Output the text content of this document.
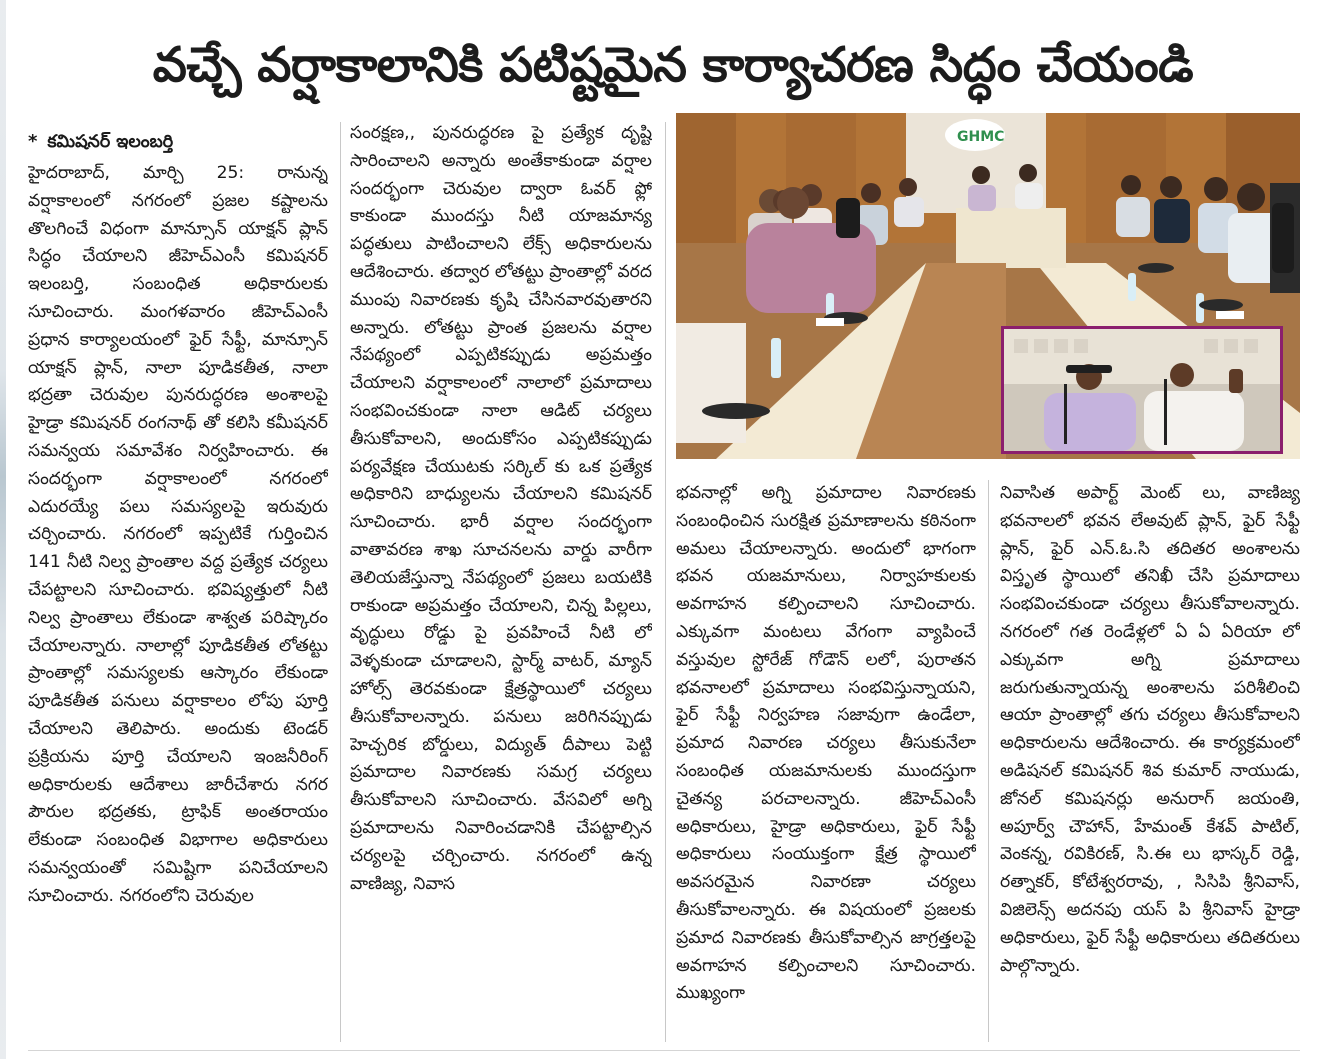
వచ్చే వర్షాకాలానికి పటిష్టమైన కార్యాచరణ సిద్ధం చేయండి
* కమిషనర్ ఇలంబర్తి

హైదరాబాద్, మార్చి 25: రానున్న వర్షాకాలంలో నగరంలో ప్రజల కష్టాలను తొలగించే విధంగా మాన్సూన్ యాక్షన్ ప్లాన్ సిద్ధం చేయాలని జీహెచ్ఎంసీ కమిషనర్ ఇలంబర్తి, సంబంధిత అధికారులకు సూచించారు. మంగళవారం జీహెచ్ఎంసీ ప్రధాన కార్యాలయంలో ఫైర్ సేఫ్టీ, మాన్సూన్ యాక్షన్ ప్లాన్, నాలా పూడికతీత, నాలా భద్రతా చెరువుల పునరుద్ధరణ అంశాలపై హైడ్రా కమిషనర్ రంగనాథ్ తో కలిసి కమీషనర్ సమన్వయ సమావేశం నిర్వహించారు. ఈ సందర్భంగా వర్షాకాలంలో నగరంలో ఎదురయ్యే పలు సమస్యలపై ఇరువురు చర్చించారు. నగరంలో ఇప్పటికే గుర్తించిన 141 నీటి నిల్వ ప్రాంతాల వద్ద ప్రత్యేక చర్యలు చేపట్టాలని సూచించారు. భవిష్యత్తులో నీటి నిల్వ ప్రాంతాలు లేకుండా శాశ్వత పరిష్కారం చేయాలన్నారు. నాలాల్లో పూడికతీత లోతట్టు ప్రాంతాల్లో సమస్యలకు ఆస్కారం లేకుండా పూడికతీత పనులు వర్షాకాలం లోపు పూర్తి చేయాలని తెలిపారు. అందుకు టెండర్ ప్రక్రియను పూర్తి చేయాలని ఇంజనీరింగ్ అధికారులకు ఆదేశాలు జారీచేశారు నగర పౌరుల భద్రతకు, ట్రాఫిక్ అంతరాయం లేకుండా సంబంధిత విభాగాల అధికారులు సమన్వయంతో సమిష్టిగా పనిచేయాలని సూచించారు. నగరంలోని చెరువుల

సంరక్షణ,, పునరుద్ధరణ పై ప్రత్యేక దృష్టి సారించాలని అన్నారు అంతేకాకుండా వర్షాల సందర్భంగా చెరువుల ద్వారా ఓవర్ ఫ్లో కాకుండా ముందస్తు నీటి యాజమాన్య పద్ధతులు పాటించాలని లేక్స్ అధికారులను ఆదేశించారు. తద్వార లోతట్టు ప్రాంతాల్లో వరద ముంపు నివారణకు కృషి చేసినవారవుతారని అన్నారు. లోతట్టు ప్రాంత ప్రజలను వర్షాల నేపథ్యంలో ఎప్పటికప్పుడు అప్రమత్తం చేయాలని వర్షాకాలంలో నాలాలో ప్రమాదాలు సంభవించకుండా నాలా ఆడిట్ చర్యలు తీసుకోవాలని, అందుకోసం ఎప్పటికప్పుడు పర్యవేక్షణ చేయుటకు సర్కిల్ కు ఒక ప్రత్యేక అధికారిని బాధ్యులను చేయాలని కమిషనర్ సూచించారు. భారీ వర్షాల సందర్భంగా వాతావరణ శాఖ సూచనలను వార్డు వారీగా తెలియజేస్తున్నా నేపథ్యంలో ప్రజలు బయటికి రాకుండా అప్రమత్తం చేయాలని, చిన్న పిల్లలు, వృద్ధులు రోడ్డు పై ప్రవహించే నీటి లో వెళ్ళకుండా చూడాలని, స్టార్మ్ వాటర్, మ్యాన్ హోల్స్ తెరవకుండా క్షేత్రస్థాయిలో చర్యలు తీసుకోవాలన్నారు. పనులు జరిగినప్పుడు హెచ్చరిక బోర్డులు, విద్యుత్ దీపాలు పెట్టి ప్రమాదాల నివారణకు సమగ్ర చర్యలు తీసుకోవాలని సూచించారు. వేసవిలో అగ్ని ప్రమాదాలను నివారించడానికి చేపట్టాల్సిన చర్యలపై చర్చించారు. నగరంలో ఉన్న వాణిజ్య, నివాస

GHMC

భవనాల్లో అగ్ని ప్రమాదాల నివారణకు సంబంధించిన సురక్షిత ప్రమాణాలను కఠినంగా అమలు చేయాలన్నారు. అందులో భాగంగా భవన యజమానులు, నిర్వాహకులకు అవగాహన కల్పించాలని సూచించారు. ఎక్కువగా మంటలు వేగంగా వ్యాపించే వస్తువుల స్టోరేజ్ గోడౌన్ లలో, పురాతన భవనాలలో ప్రమాదాలు సంభవిస్తున్నాయని, ఫైర్ సేఫ్టీ నిర్వహణ సజావుగా ఉండేలా, ప్రమాద నివారణ చర్యలు తీసుకునేలా సంబంధిత యజమానులకు ముందస్తుగా చైతన్య పరచాలన్నారు. జీహెచ్ఎంసీ అధికారులు, హైడ్రా అధికారులు, ఫైర్ సేఫ్టీ అధికారులు సంయుక్తంగా క్షేత్ర స్థాయిలో అవసరమైన నివారణా చర్యలు తీసుకోవాలన్నారు. ఈ విషయంలో ప్రజలకు ప్రమాద నివారణకు తీసుకోవాల్సిన జాగ్రత్తలపై అవగాహన కల్పించాలని సూచించారు. ముఖ్యంగా

నివాసిత అపార్ట్ మెంట్ లు, వాణిజ్య భవనాలలో భవన లేఅవుట్ ప్లాన్, ఫైర్ సేఫ్టీ ప్లాన్, ఫైర్ ఎన్.ఓ.సి తదితర అంశాలను విస్తృత స్థాయిలో తనిఖీ చేసి ప్రమాదాలు సంభవించకుండా చర్యలు తీసుకోవాలన్నారు. నగరంలో గత రెండేళ్లలో ఏ ఏ ఏరియా లో ఎక్కువగా అగ్ని ప్రమాదాలు జరుగుతున్నాయన్న అంశాలను పరిశీలించి ఆయా ప్రాంతాల్లో తగు చర్యలు తీసుకోవాలని అధికారులను ఆదేశించారు. ఈ కార్యక్రమంలో అడిషనల్ కమిషనర్ శివ కుమార్ నాయుడు, జోనల్ కమిషనర్లు అనురాగ్ జయంతి, అపూర్వ్ చౌహాన్, హేమంత్ కేశవ్ పాటిల్, వెంకన్న, రవికిరణ్, సి.ఈ లు భాస్కర్ రెడ్డి, రత్నాకర్, కోటేశ్వరరావు, , సిసిపి శ్రీనివాస్, విజిలెన్స్ అదనపు యస్ పి శ్రీనివాస్ హైడ్రా అధికారులు, ఫైర్ సేఫ్టీ అధికారులు తదితరులు పాల్గొన్నారు.
